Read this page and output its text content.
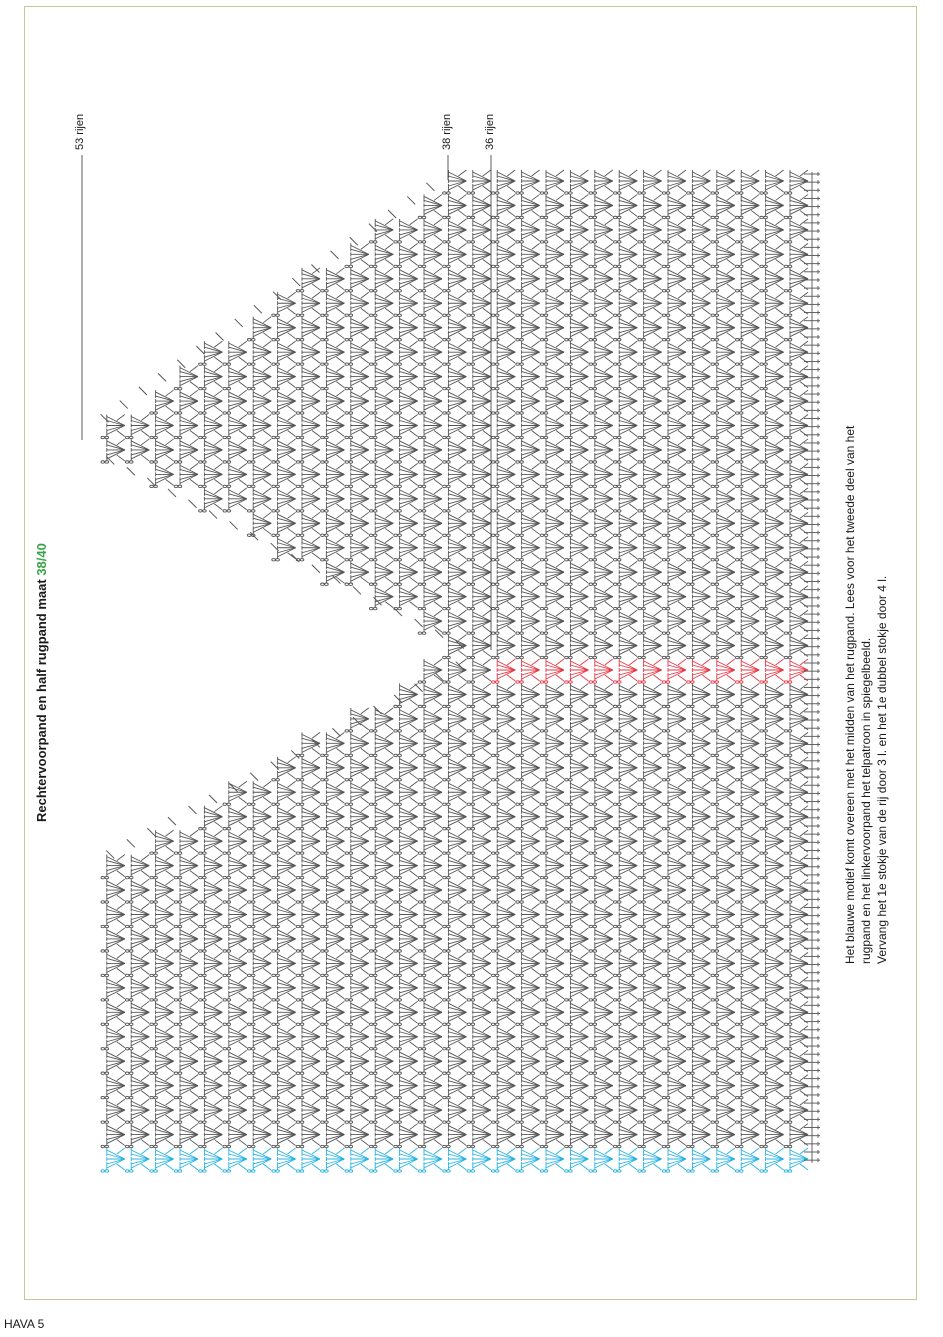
Rechtervoorpand en half rugpand maat 38/40
53 rijen	38 rijen	36 rijen
Het blauwe motief komt overeen met het midden van het rugpand. Lees voor het tweede deel van het rugpand en het linkervoorpand het telpatroon in spiegelbeeld. Vervang het 1e stokje van de rij door 3 l. en het 1e dubbel stokje door 4 l.
HAVA 5
